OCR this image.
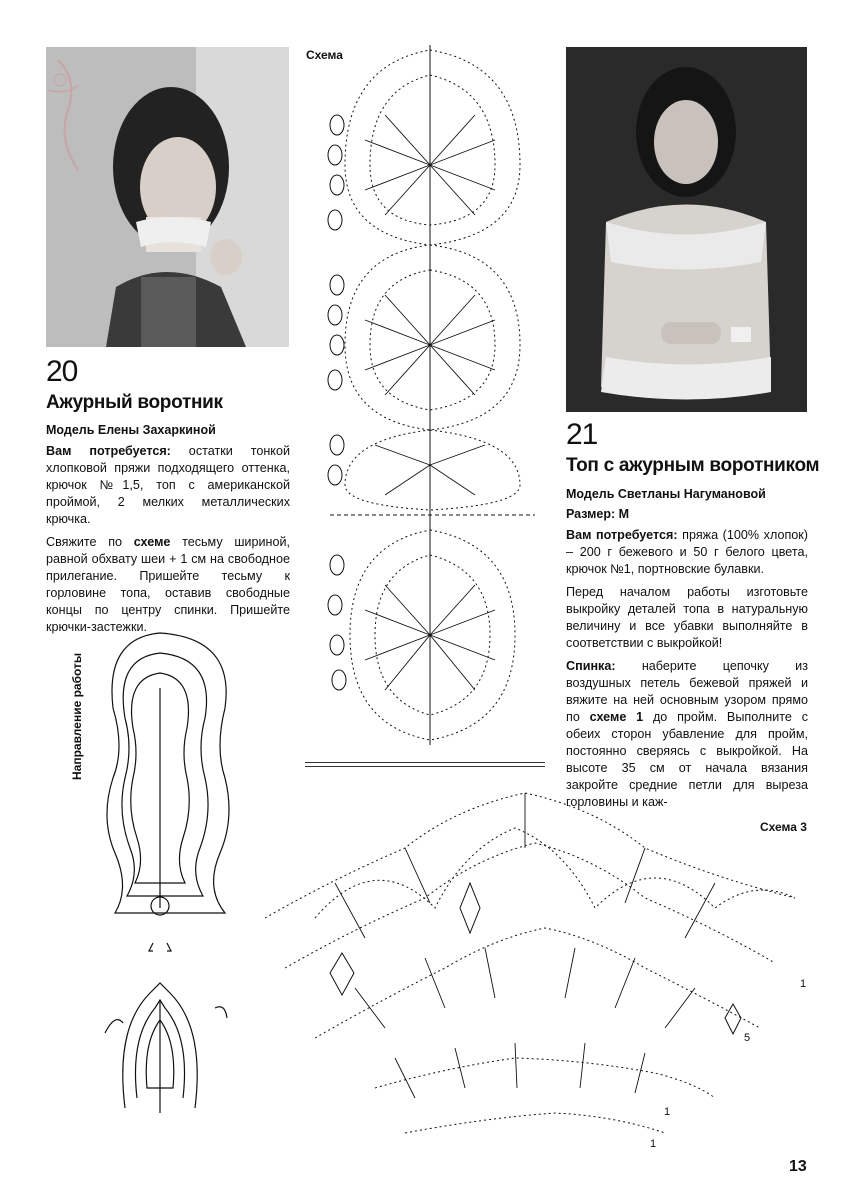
20
Ажурный воротник
Модель Елены Захаркиной

Вам потребуется: остатки тонкой хлопковой пряжи подходящего оттенка, крючок №1,5, топ с американской проймой, 2 мелких металлических крючка.

Свяжите по схеме тесьму шириной, равной обхвату шеи + 1 см на свободное прилегание. Пришейте тесьму к горловине топа, оставив свободные концы по центру спинки. Пришейте крючки-застежки.

Схема
21
Топ с ажурным воротником
Модель Светланы Нагумановой
Размер: М

Вам потребуется: пряжа (100% хлопок) – 200 г бежевого и 50 г белого цвета, крючок №1, портновские булавки.

Перед началом работы изготовьте выкройку деталей топа в натуральную величину и все убавки выполняйте в соответствии с выкройкой!

Спинка: наберите цепочку из воздушных петель бежевой пряжей и вяжите на ней основным узором прямо по схеме 1 до пройм. Выполните с обеих сторон убавление для пройм, постоянно сверяясь с выкройкой. На высоте 35 см от начала вязания закройте средние петли для выреза горловины и каж-

Направление работы
Схема 3
1
5
1
1
13
